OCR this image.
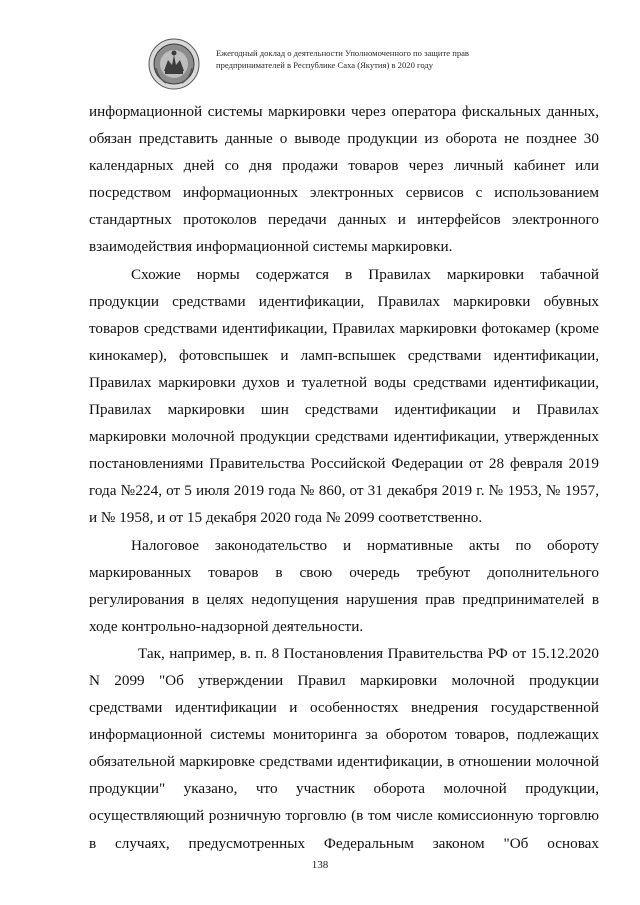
Ежегодный доклад о деятельности Уполномоченного по защите прав
предпринимателей в Республике Саха (Якутия) в 2020 году

информационной системы маркировки через оператора фискальных данных, обязан представить данные о выводе продукции из оборота не позднее 30 календарных дней со дня продажи товаров через личный кабинет или посредством информационных электронных сервисов с использованием стандартных протоколов передачи данных и интерфейсов электронного взаимодействия информационной системы маркировки.

Схожие нормы содержатся в Правилах маркировки табачной продукции средствами идентификации, Правилах маркировки обувных товаров средствами идентификации, Правилах маркировки фотокамер (кроме кинокамер), фотовспышек и ламп-вспышек средствами идентификации, Правилах маркировки духов и туалетной воды средствами идентификации, Правилах маркировки шин средствами идентификации и Правилах маркировки молочной продукции средствами идентификации, утвержденных постановлениями Правительства Российской Федерации от 28 февраля 2019 года №224, от 5 июля 2019 года № 860, от 31 декабря 2019 г. № 1953, № 1957, и № 1958, и от 15 декабря 2020 года № 2099 соответственно.

Налоговое законодательство и нормативные акты по обороту маркированных товаров в свою очередь требуют дополнительного регулирования в целях недопущения нарушения прав предпринимателей в ходе контрольно-надзорной деятельности.

Так, например, в. п. 8 Постановления Правительства РФ от 15.12.2020 N 2099 "Об утверждении Правил маркировки молочной продукции средствами идентификации и особенностях внедрения государственной информационной системы мониторинга за оборотом товаров, подлежащих обязательной маркировке средствами идентификации, в отношении молочной продукции" указано, что участник оборота молочной продукции, осуществляющий розничную торговлю (в том числе комиссионную торговлю в случаях, предусмотренных Федеральным законом "Об основах

138
